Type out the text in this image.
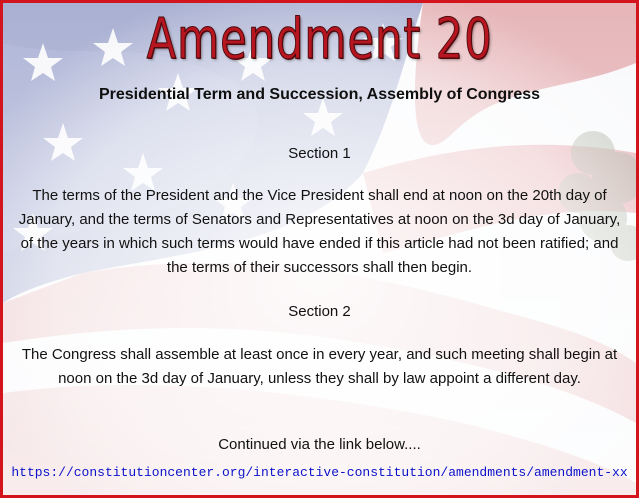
Amendment 20
Presidential Term and Succession, Assembly of Congress
Section 1
The terms of the President and the Vice President shall end at noon on the 20th day of January, and the terms of Senators and Representatives at noon on the 3d day of January, of the years in which such terms would have ended if this article had not been ratified; and the terms of their successors shall then begin.
Section 2
The Congress shall assemble at least once in every year, and such meeting shall begin at noon on the 3d day of January, unless they shall by law appoint a different day.
Continued via the link below....
https://constitutioncenter.org/interactive-constitution/amendments/amendment-xx
